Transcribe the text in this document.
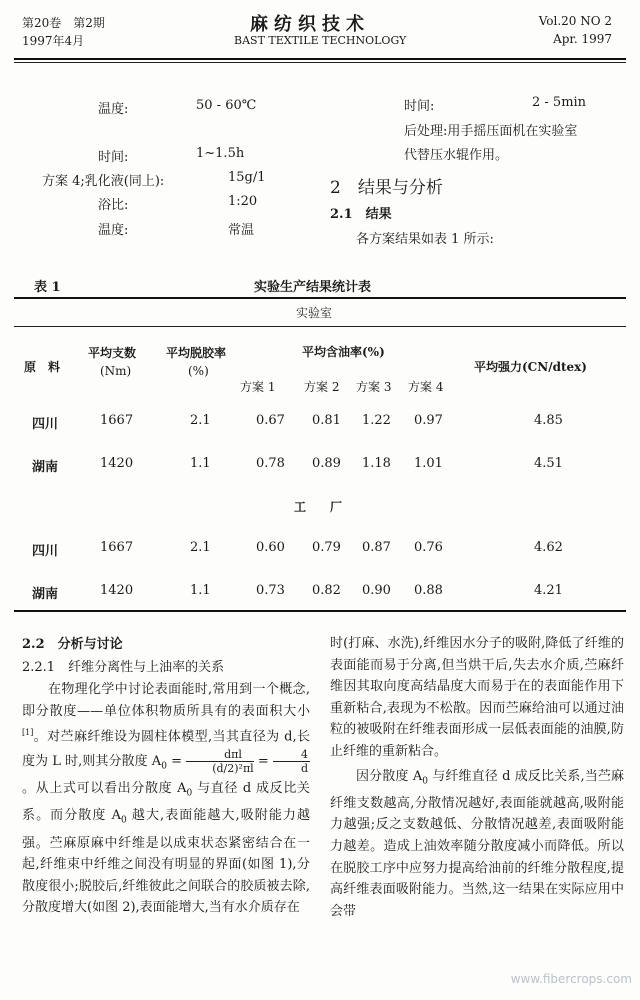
第20卷　第2期
1997年4月
麻纺织技术
BAST TEXTILE TECHNOLOGY
Vol.20 NO 2
Apr. 1997
温度:	50 - 60℃
时间:	1~1.5h
方案 4;乳化液(同上):	15g/1
浴比:	1:20
温度:	常温
时间:	2 - 5min
后处理:用手摇压面机在实验室
代替压水辊作用。
2　结果与分析
2.1　结果
各方案结果如表 1 所示:
表 1	实验生产结果统计表
实验室
原　料
平均支数
(Nm)
平均脱胶率
(%)
平均含油率(%)
方案 1 方案 2 方案 3 方案 4
平均强力(CN/dtex)
四川	1667	2.1	0.67 0.81 1.22 0.97	4.85
湖南	1420	1.1	0.78 0.89 1.18 1.01	4.51
工　　厂
四川	1667	2.1	0.60 0.79 0.87 0.76	4.62
湖南	1420	1.1	0.73 0.82 0.90 0.88	4.21
2.2　分析与讨论
2.2.1　纤维分离性与上油率的关系

在物理化学中讨论表面能时,常用到一个概念,即分散度——单位体积物质所具有的表面积大小[1]。对苎麻纤维设为圆柱体模型,当其直径为 d,长度为 L 时,则其分散度 $A_0 = \frac{\text{dπl}}{\text{(d/2)²πl}} = \frac{4}{d}$
。从上式可以看出分散度 $A_0$ 与直径 d 成反比关系。而分散度 $A_0$ 越大,表面能越大,吸附能力越强。苎麻原麻中纤维是以成束状态紧密结合在一起,纤维束中纤维之间没有明显的界面(如图 1),分散度很小;脱胶后,纤维彼此之间联合的胶质被去除,分散度增大(如图 2),表面能增大,当有水介质存在

时(打麻、水洗),纤维因水分子的吸附,降低了纤维的表面能而易于分离,但当烘干后,失去水介质,苎麻纤维因其取向度高结晶度大而易于在的表面能作用下重新粘合,表现为不松散。因而苎麻给油可以通过油粒的被吸附在纤维表面形成一层低表面能的油膜,防止纤维的重新粘合。

因分散度 $A_0$ 与纤维直径 d 成反比关系,当苎麻纤维支数越高,分散情况越好,表面能就越高,吸附能力越强;反之支数越低、分散情况越差,表面吸附能力越差。造成上油效率随分散度减小而降低。所以在脱胶工序中应努力提高给油前的纤维分散程度,提高纤维表面吸附能力。当然,这一结果在实际应用中会带

www.fibercrops.com
